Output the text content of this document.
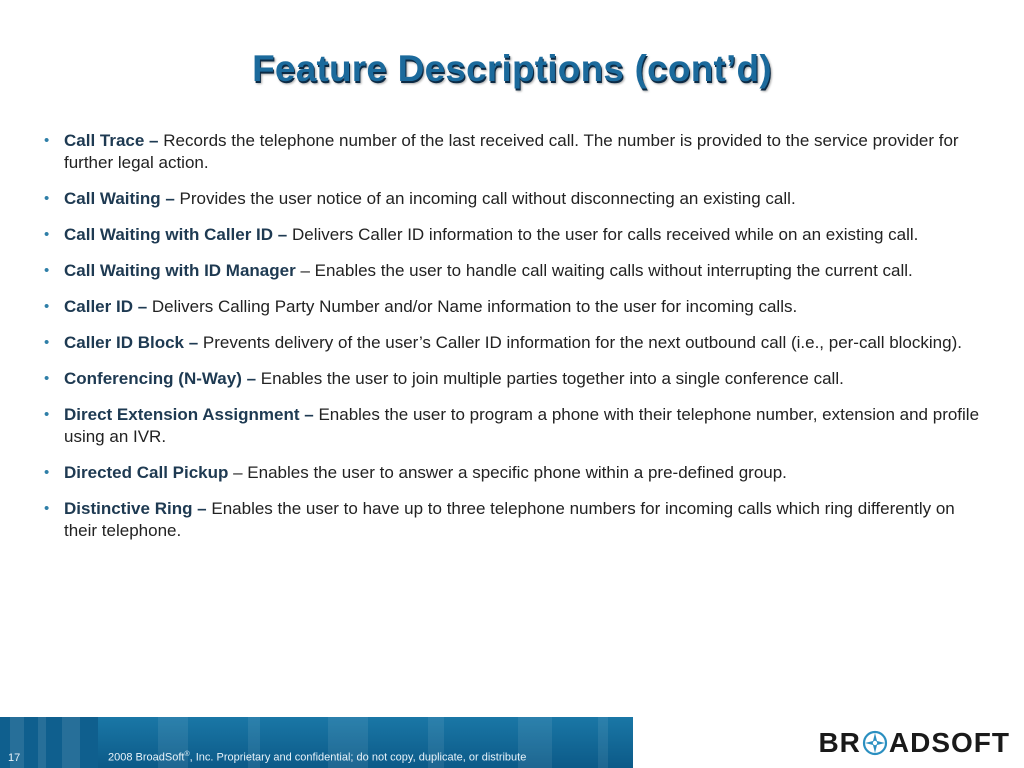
Feature Descriptions (cont’d)
• Call Trace – Records the telephone number of the last received call. The number is provided to the service provider for further legal action.
• Call Waiting – Provides the user notice of an incoming call without disconnecting an existing call.
• Call Waiting with Caller ID – Delivers Caller ID information to the user for calls received while on an existing call.
• Call Waiting with ID Manager – Enables the user to handle call waiting calls without interrupting the current call.
• Caller ID – Delivers Calling Party Number and/or Name information to the user for incoming calls.
• Caller ID Block – Prevents delivery of the user’s Caller ID information for the next outbound call (i.e., per-call blocking).
• Conferencing (N-Way) – Enables the user to join multiple parties together into a single conference call.
• Direct Extension Assignment – Enables the user to program a phone with their telephone number, extension and profile using an IVR.
• Directed Call Pickup – Enables the user to answer a specific phone within a pre-defined group.
• Distinctive Ring – Enables the user to have up to three telephone numbers for incoming calls which ring differently on their telephone.
17	2008 BroadSoft®, Inc. Proprietary and confidential; do not copy, duplicate, or distribute	BR ADSOFT
